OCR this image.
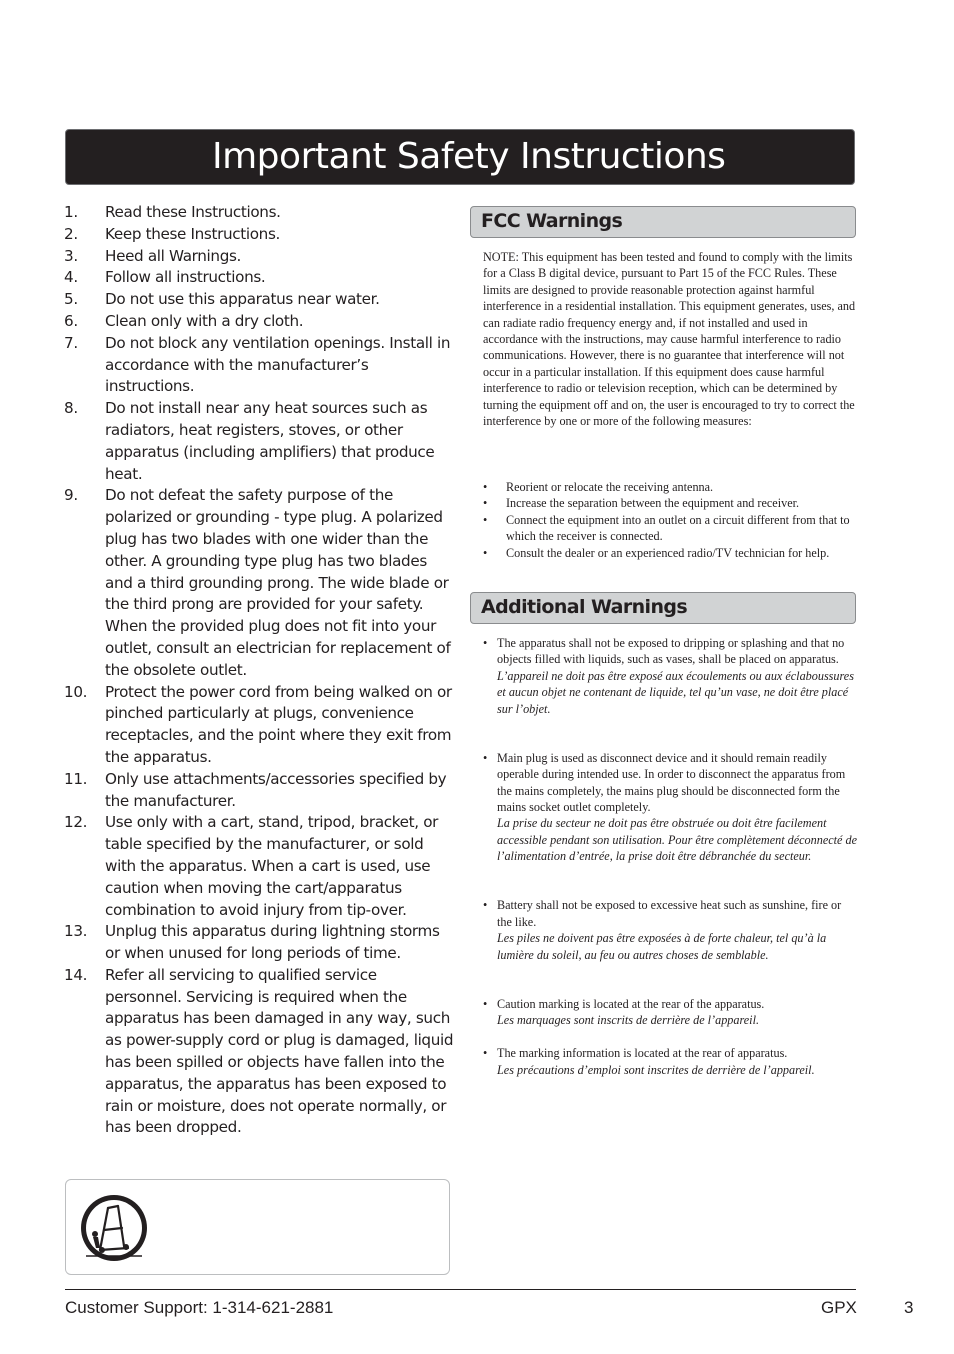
Important Safety Instructions
1.	Read these Instructions.
2.	Keep these Instructions.
3.	Heed all Warnings.
4.	Follow all instructions.
5.	Do not use this apparatus near water.
6.	Clean only with a dry cloth.
7.	Do not block any ventilation openings. Install in accordance with the manufacturer’s instructions.
8.	Do not install near any heat sources such as radiators, heat registers, stoves, or other apparatus (including amplifiers) that produce heat.
9.	Do not defeat the safety purpose of the polarized or grounding - type plug. A polarized plug has two blades with one wider than the other. A grounding type plug has two blades and a third grounding prong. The wide blade or the third prong are provided for your safety. When the provided plug does not fit into your outlet, consult an electrician for replacement of the obsolete outlet.
10.	Protect the power cord from being walked on or pinched particularly at plugs, convenience receptacles, and the point where they exit from the apparatus.
11.	Only use attachments/accessories specified by the manufacturer.
12.	Use only with a cart, stand, tripod, bracket, or table specified by the manufacturer, or sold with the apparatus. When a cart is used, use caution when moving the cart/apparatus combination to avoid injury from tip-over.
13.	Unplug this apparatus during lightning storms or when unused for long periods of time.
14.	Refer all servicing to qualified service personnel. Servicing is required when the apparatus has been damaged in any way, such as power-supply cord or plug is damaged, liquid has been spilled or objects have fallen into the apparatus, the apparatus has been exposed to rain or moisture, does not operate normally, or has been dropped.
FCC Warnings

NOTE: This equipment has been tested and found to comply with the limits for a Class B digital device, pursuant to Part 15 of the FCC Rules. These limits are designed to provide reasonable protection against harmful interference in a residential installation. This equipment generates, uses, and can radiate radio frequency energy and, if not installed and used in accordance with the instructions, may cause harmful interference to radio communications. However, there is no guarantee that interference will not occur in a particular installation. If this equipment does cause harmful interference to radio or television reception, which can be determined by turning the equipment off and on, the user is encouraged to try to correct the interference by one or more of the following measures:

•	Reorient or relocate the receiving antenna.
•	Increase the separation between the equipment and receiver.
•	Connect the equipment into an outlet on a circuit different from that to which the receiver is connected.
•	Consult the dealer or an experienced radio/TV technician for help.
Additional Warnings
• The apparatus shall not be exposed to dripping or splashing and that no objects filled with liquids, such as vases, shall be placed on apparatus.
L’appareil ne doit pas être exposé aux écoulements ou aux éclaboussures et aucun objet ne contenant de liquide, tel qu’un vase, ne doit être placé sur l’objet.
• Main plug is used as disconnect device and it should remain readily operable during intended use. In order to disconnect the apparatus from the mains completely, the mains plug should be disconnected form the mains socket outlet completely.
La prise du secteur ne doit pas être obstruée ou doit être facilement accessible pendant son utilisation. Pour être complètement déconnecté de l’alimentation d’entrée, la prise doit être débranchée du secteur.
• Battery shall not be exposed to excessive heat such as sunshine, fire or the like.
Les piles ne doivent pas être exposées à de forte chaleur, tel qu’à la lumière du soleil, au feu ou autres choses de semblable.
• Caution marking is located at the rear of the apparatus.
Les marquages sont inscrits de derrière de l’appareil.
• The marking information is located at the rear of apparatus.
Les précautions d’emploi sont inscrites de derrière de l’appareil.
Customer Support: 1-314-621-2881	GPX	3
